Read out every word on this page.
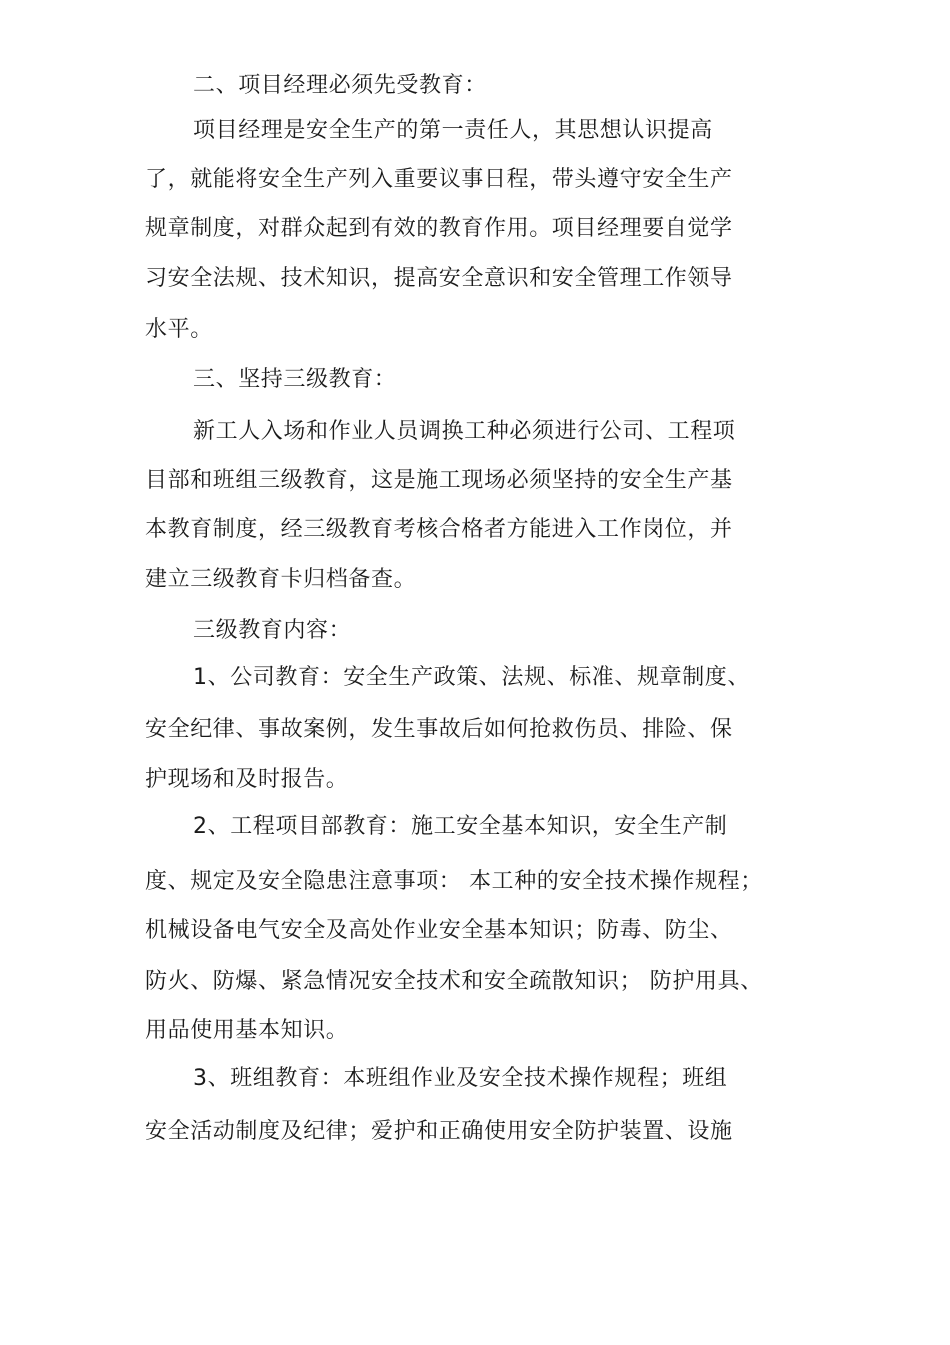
二、项目经理必须先受教育：
项目经理是安全生产的第一责任人，其思想认识提高
了，就能将安全生产列入重要议事日程，带头遵守安全生产
规章制度，对群众起到有效的教育作用。项目经理要自觉学
习安全法规、技术知识，提高安全意识和安全管理工作领导
水平。
三、坚持三级教育：
新工人入场和作业人员调换工种必须进行公司、工程项
目部和班组三级教育，这是施工现场必须坚持的安全生产基
本教育制度，经三级教育考核合格者方能进入工作岗位，并
建立三级教育卡归档备查。
三级教育内容：
1、公司教育：安全生产政策、法规、标准、规章制度、
安全纪律、事故案例，发生事故后如何抢救伤员、排险、保
护现场和及时报告。
2、工程项目部教育：施工安全基本知识，安全生产制
度、规定及安全隐患注意事项： 本工种的安全技术操作规程；
机械设备电气安全及高处作业安全基本知识；防毒、防尘、
防火、防爆、紧急情况安全技术和安全疏散知识； 防护用具、
用品使用基本知识。
3、班组教育：本班组作业及安全技术操作规程；班组
安全活动制度及纪律；爱护和正确使用安全防护装置、设施
